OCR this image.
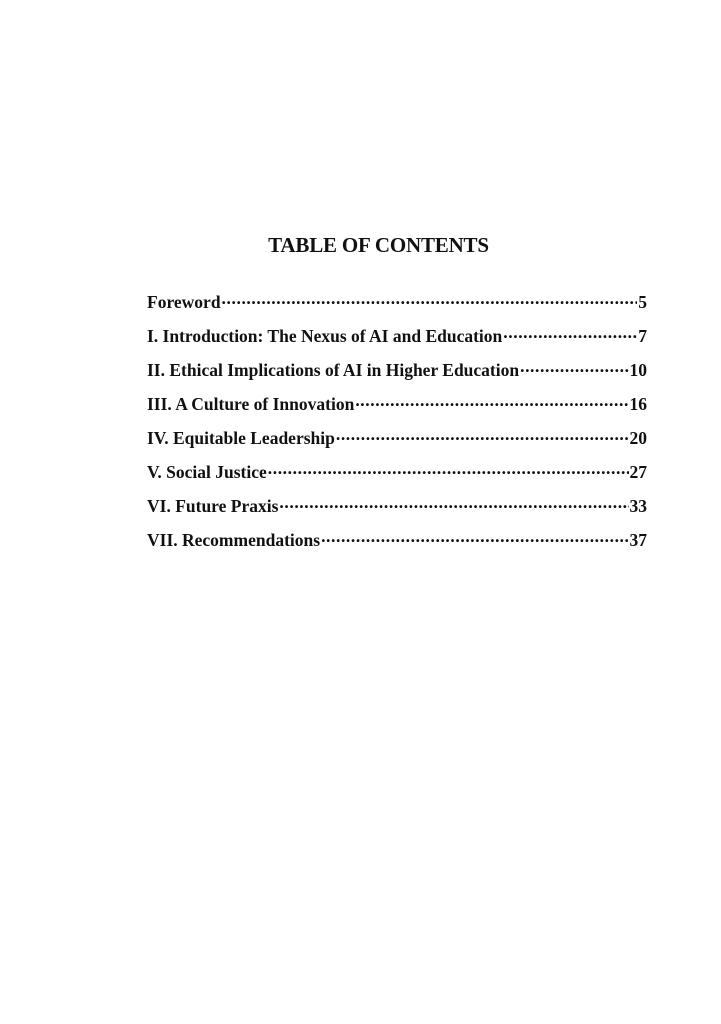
TABLE OF CONTENTS
Foreword .....	5
I. Introduction: The Nexus of AI and Education .....	7
II. Ethical Implications of AI in Higher Education .....	10
III. A Culture of Innovation .....	16
IV. Equitable Leadership .....	20
V. Social Justice .....	27
VI. Future Praxis .....	33
VII. Recommendations .....	37
